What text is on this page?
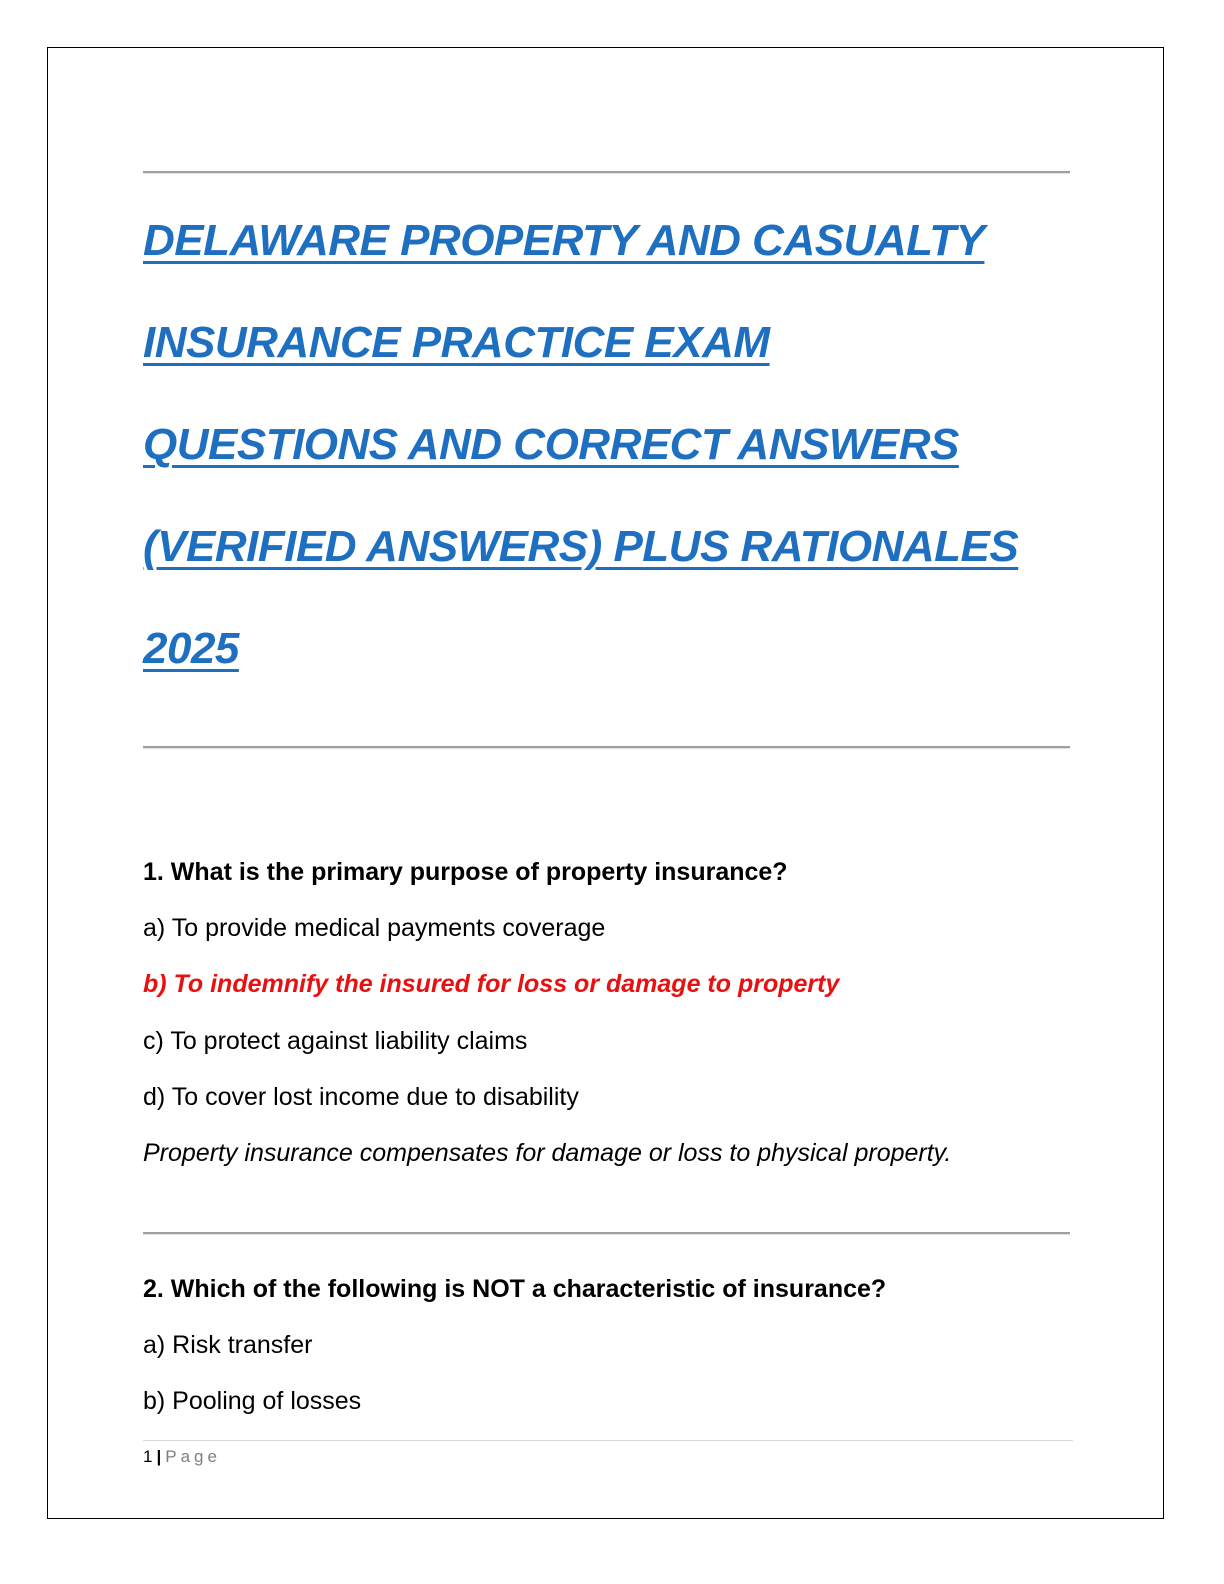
DELAWARE PROPERTY AND CASUALTY
INSURANCE PRACTICE EXAM
QUESTIONS AND CORRECT ANSWERS
(VERIFIED ANSWERS) PLUS RATIONALES
2025
1. What is the primary purpose of property insurance?
a) To provide medical payments coverage
b) To indemnify the insured for loss or damage to property
c) To protect against liability claims
d) To cover lost income due to disability
Property insurance compensates for damage or loss to physical property.
2. Which of the following is NOT a characteristic of insurance?
a) Risk transfer
b) Pooling of losses
1 | Page
